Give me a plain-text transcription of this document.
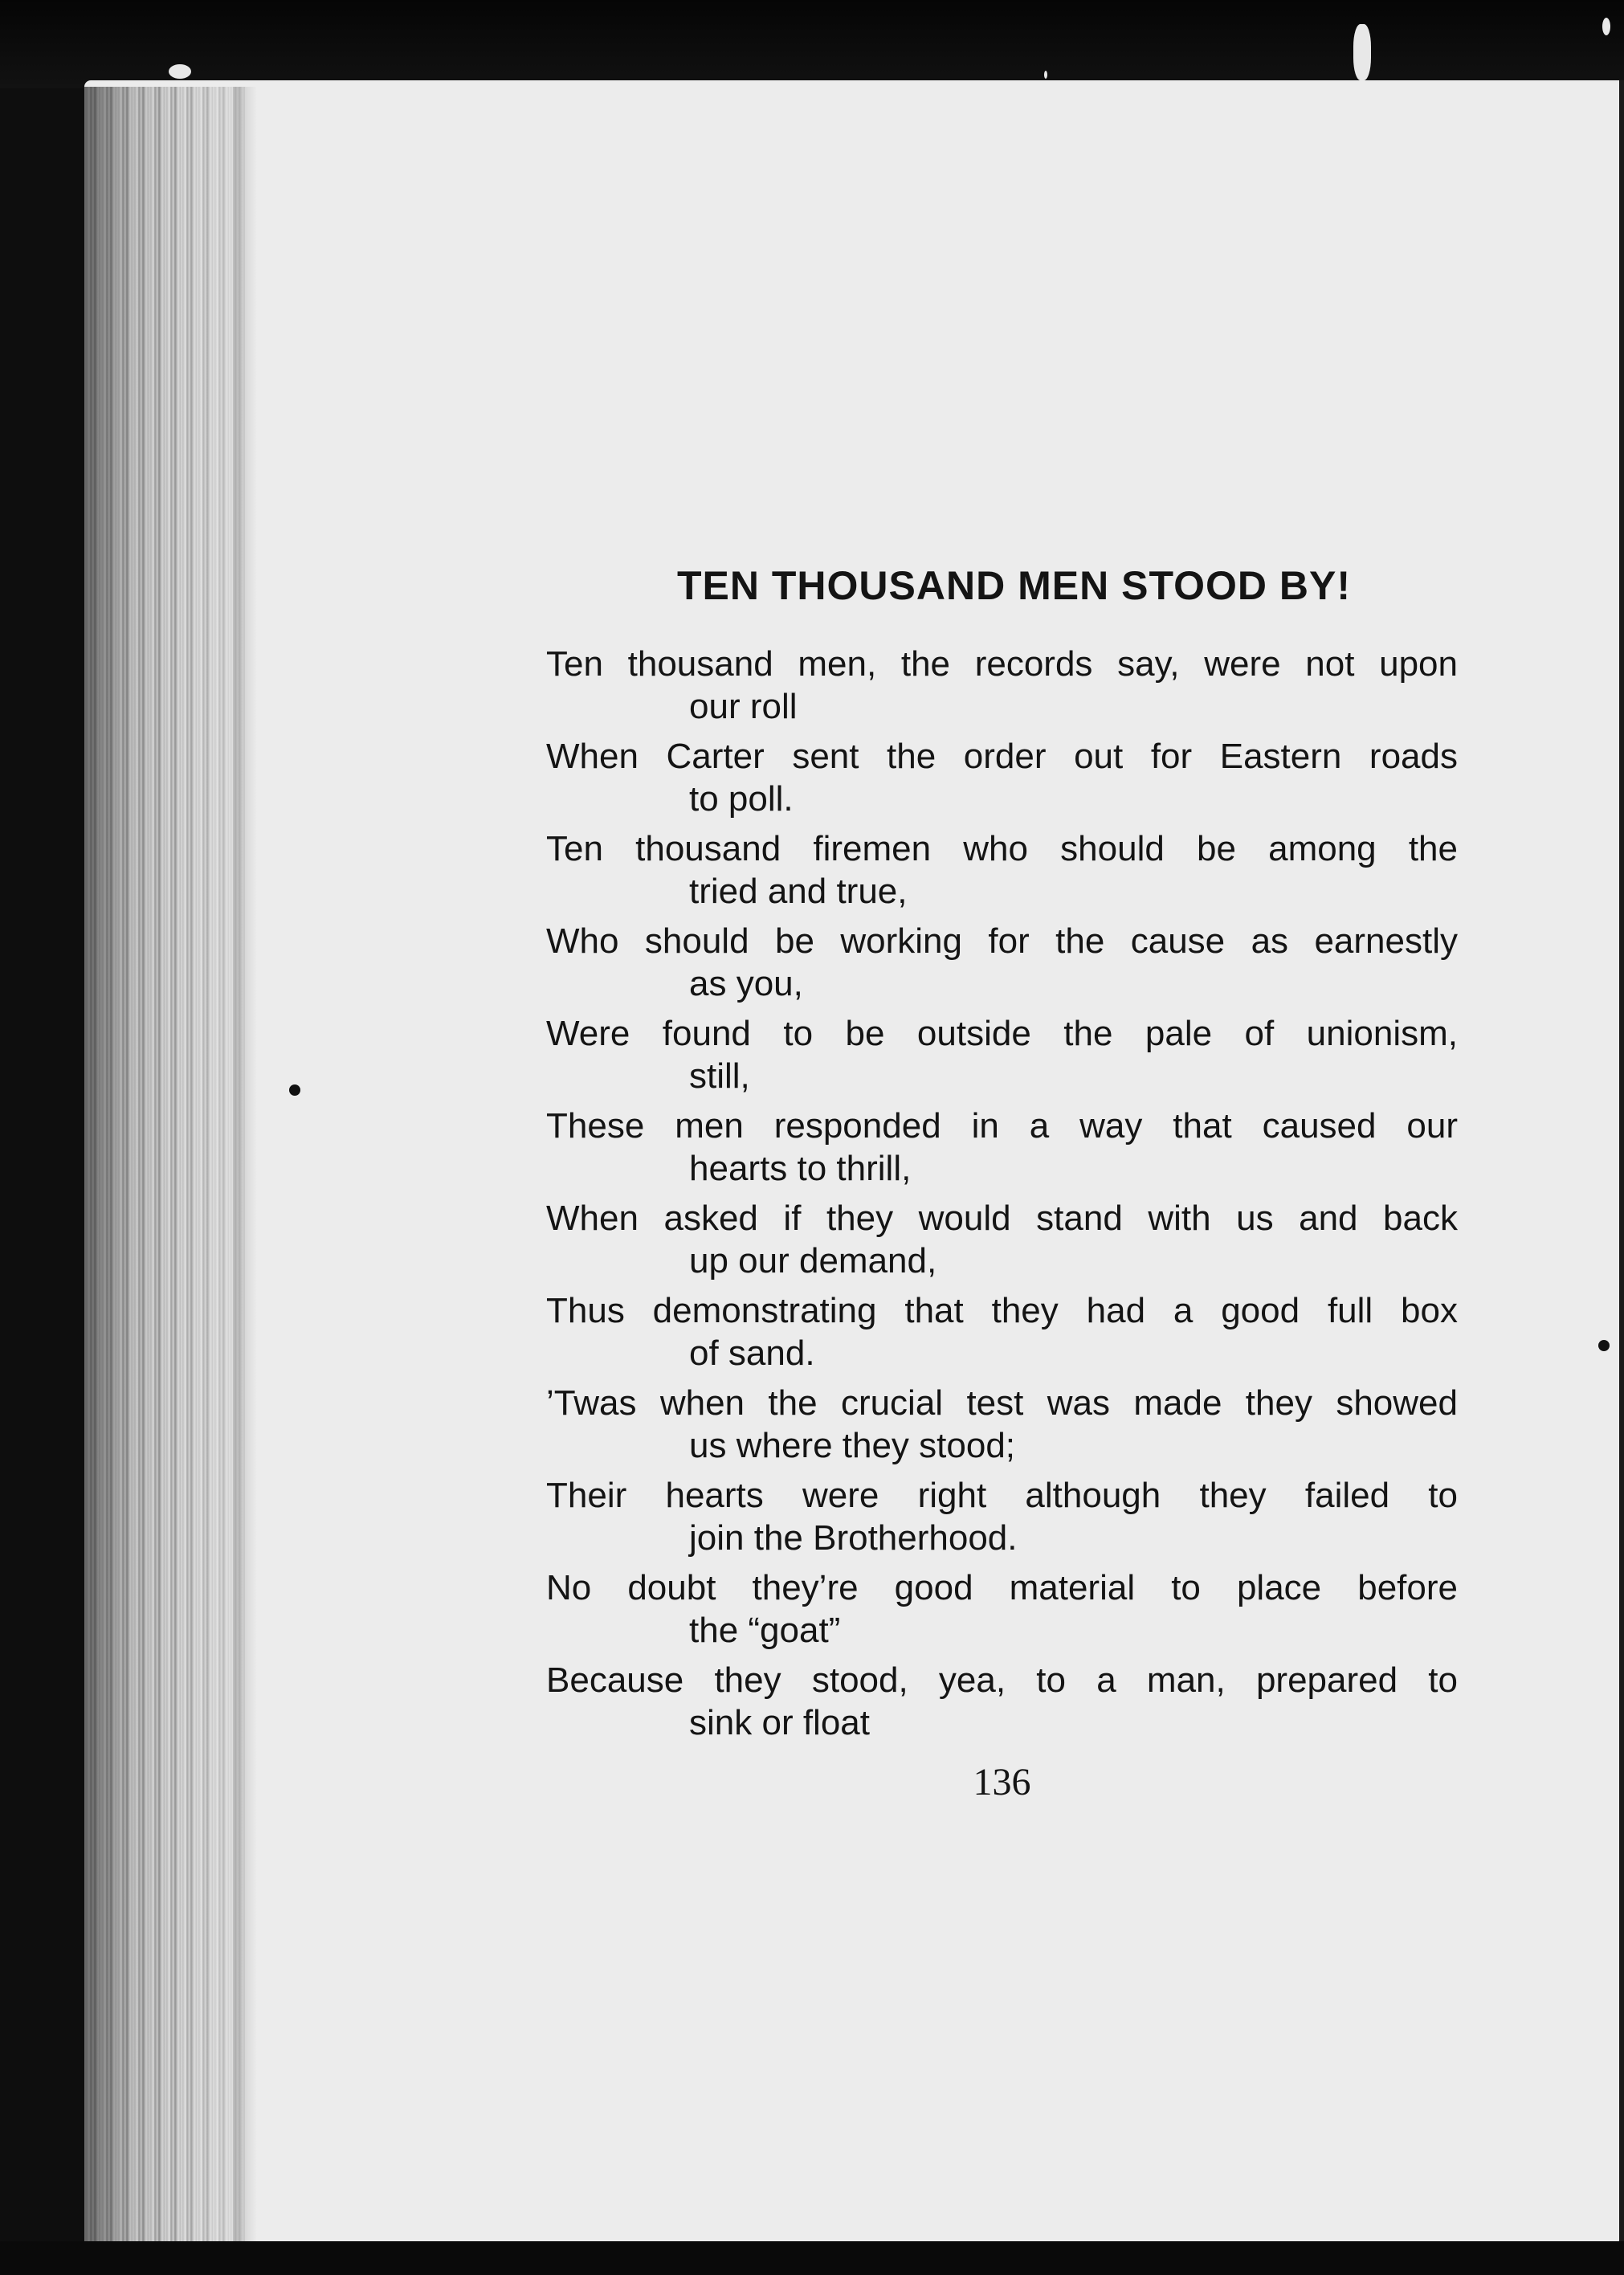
TEN THOUSAND MEN STOOD BY!

Ten thousand men, the records say, were not upon
our roll

When Carter sent the order out for Eastern roads
to poll.

Ten thousand firemen who should be among the
tried and true,

Who should be working for the cause as earnestly
as you,

Were found to be outside the pale of unionism,
still,

These men responded in a way that caused our
hearts to thrill,

When asked if they would stand with us and back
up our demand,

Thus demonstrating that they had a good full box
of sand.

’Twas when the crucial test was made they showed
us where they stood;

Their hearts were right although they failed to
join the Brotherhood.

No doubt they’re good material to place before
the “goat”

Because they stood, yea, to a man, prepared to
sink or float

136
